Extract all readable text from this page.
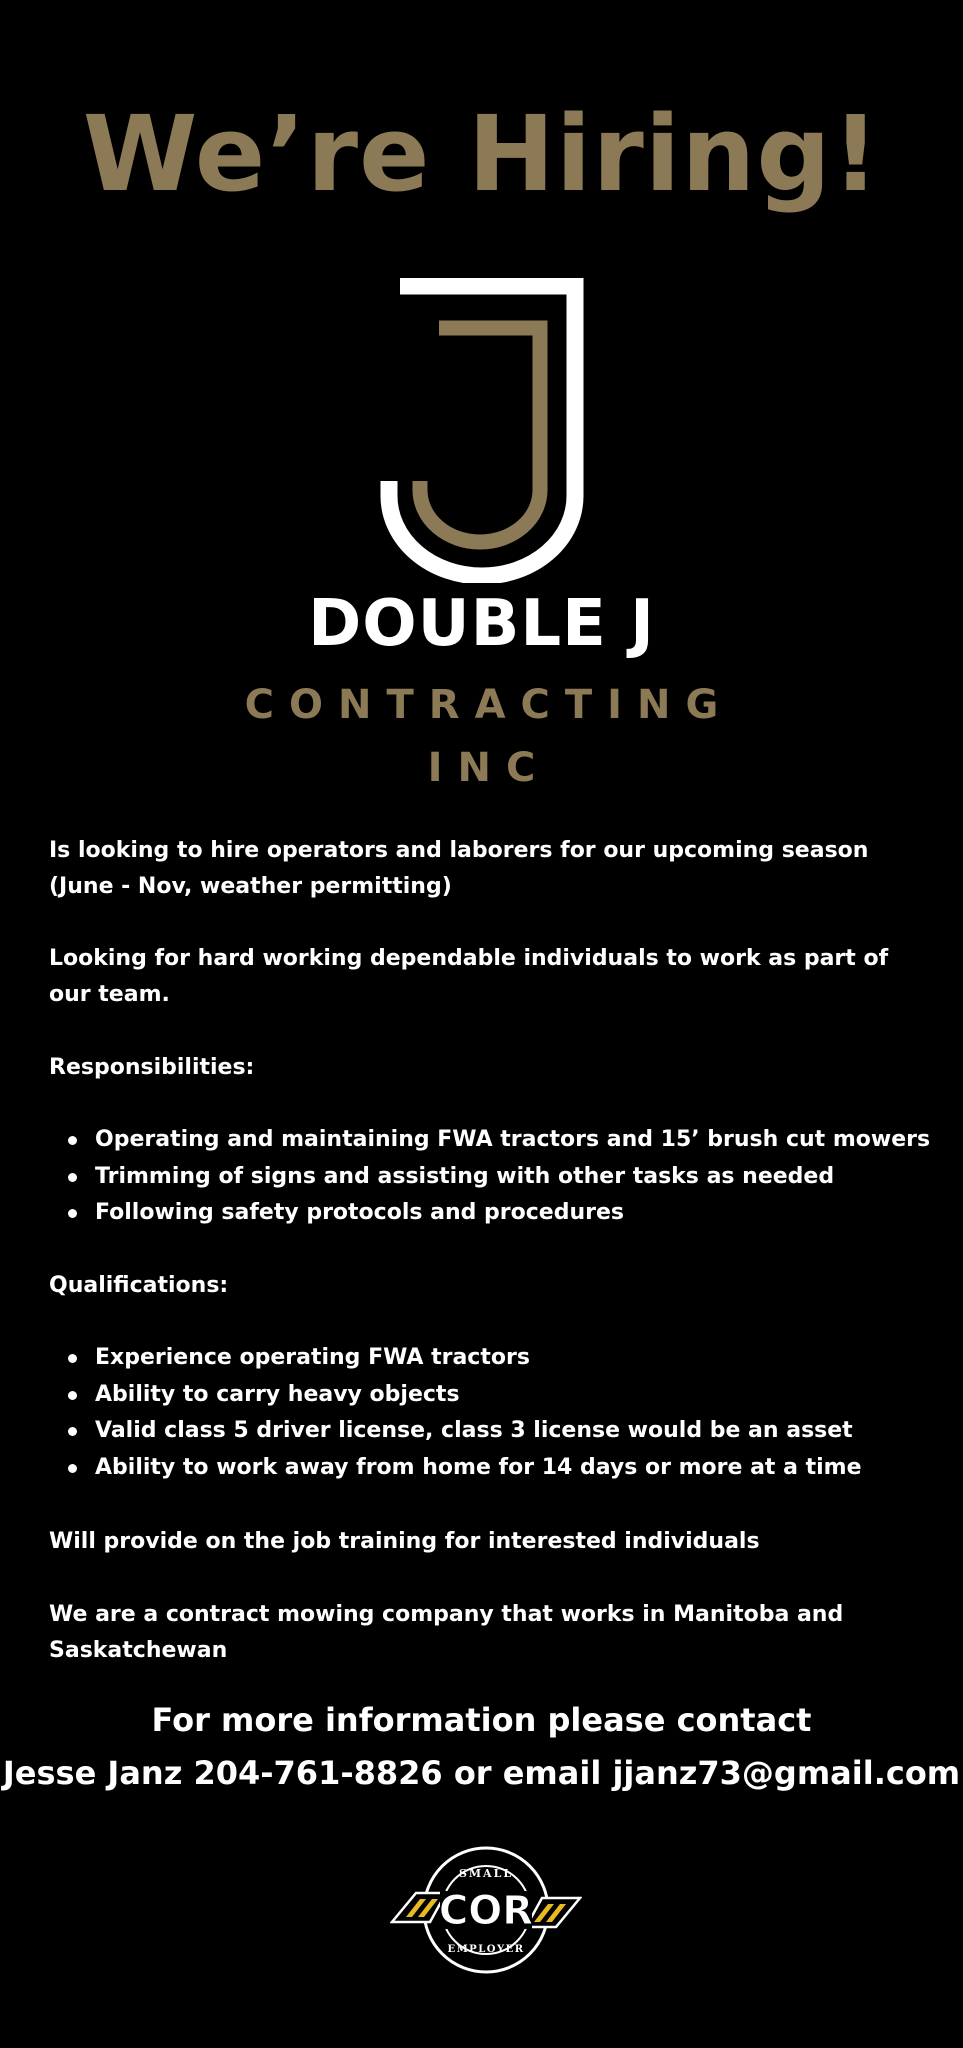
We’re Hiring!
DOUBLE J
CONTRACTING
INC

Is looking to hire operators and laborers for our upcoming season (June - Nov, weather permitting)

Looking for hard working dependable individuals to work as part of our team.

Responsibilities:

Operating and maintaining FWA tractors and 15’ brush cut mowers
Trimming of signs and assisting with other tasks as needed
Following safety protocols and procedures

Qualifications:

Experience operating FWA tractors
Ability to carry heavy objects
Valid class 5 driver license, class 3 license would be an asset
Ability to work away from home for 14 days or more at a time

Will provide on the job training for interested individuals

We are a contract mowing company that works in Manitoba and Saskatchewan

For more information please contact
Jesse Janz 204-761-8826 or email jjanz73@gmail.com
COR
SMALL
EMPLOYER
